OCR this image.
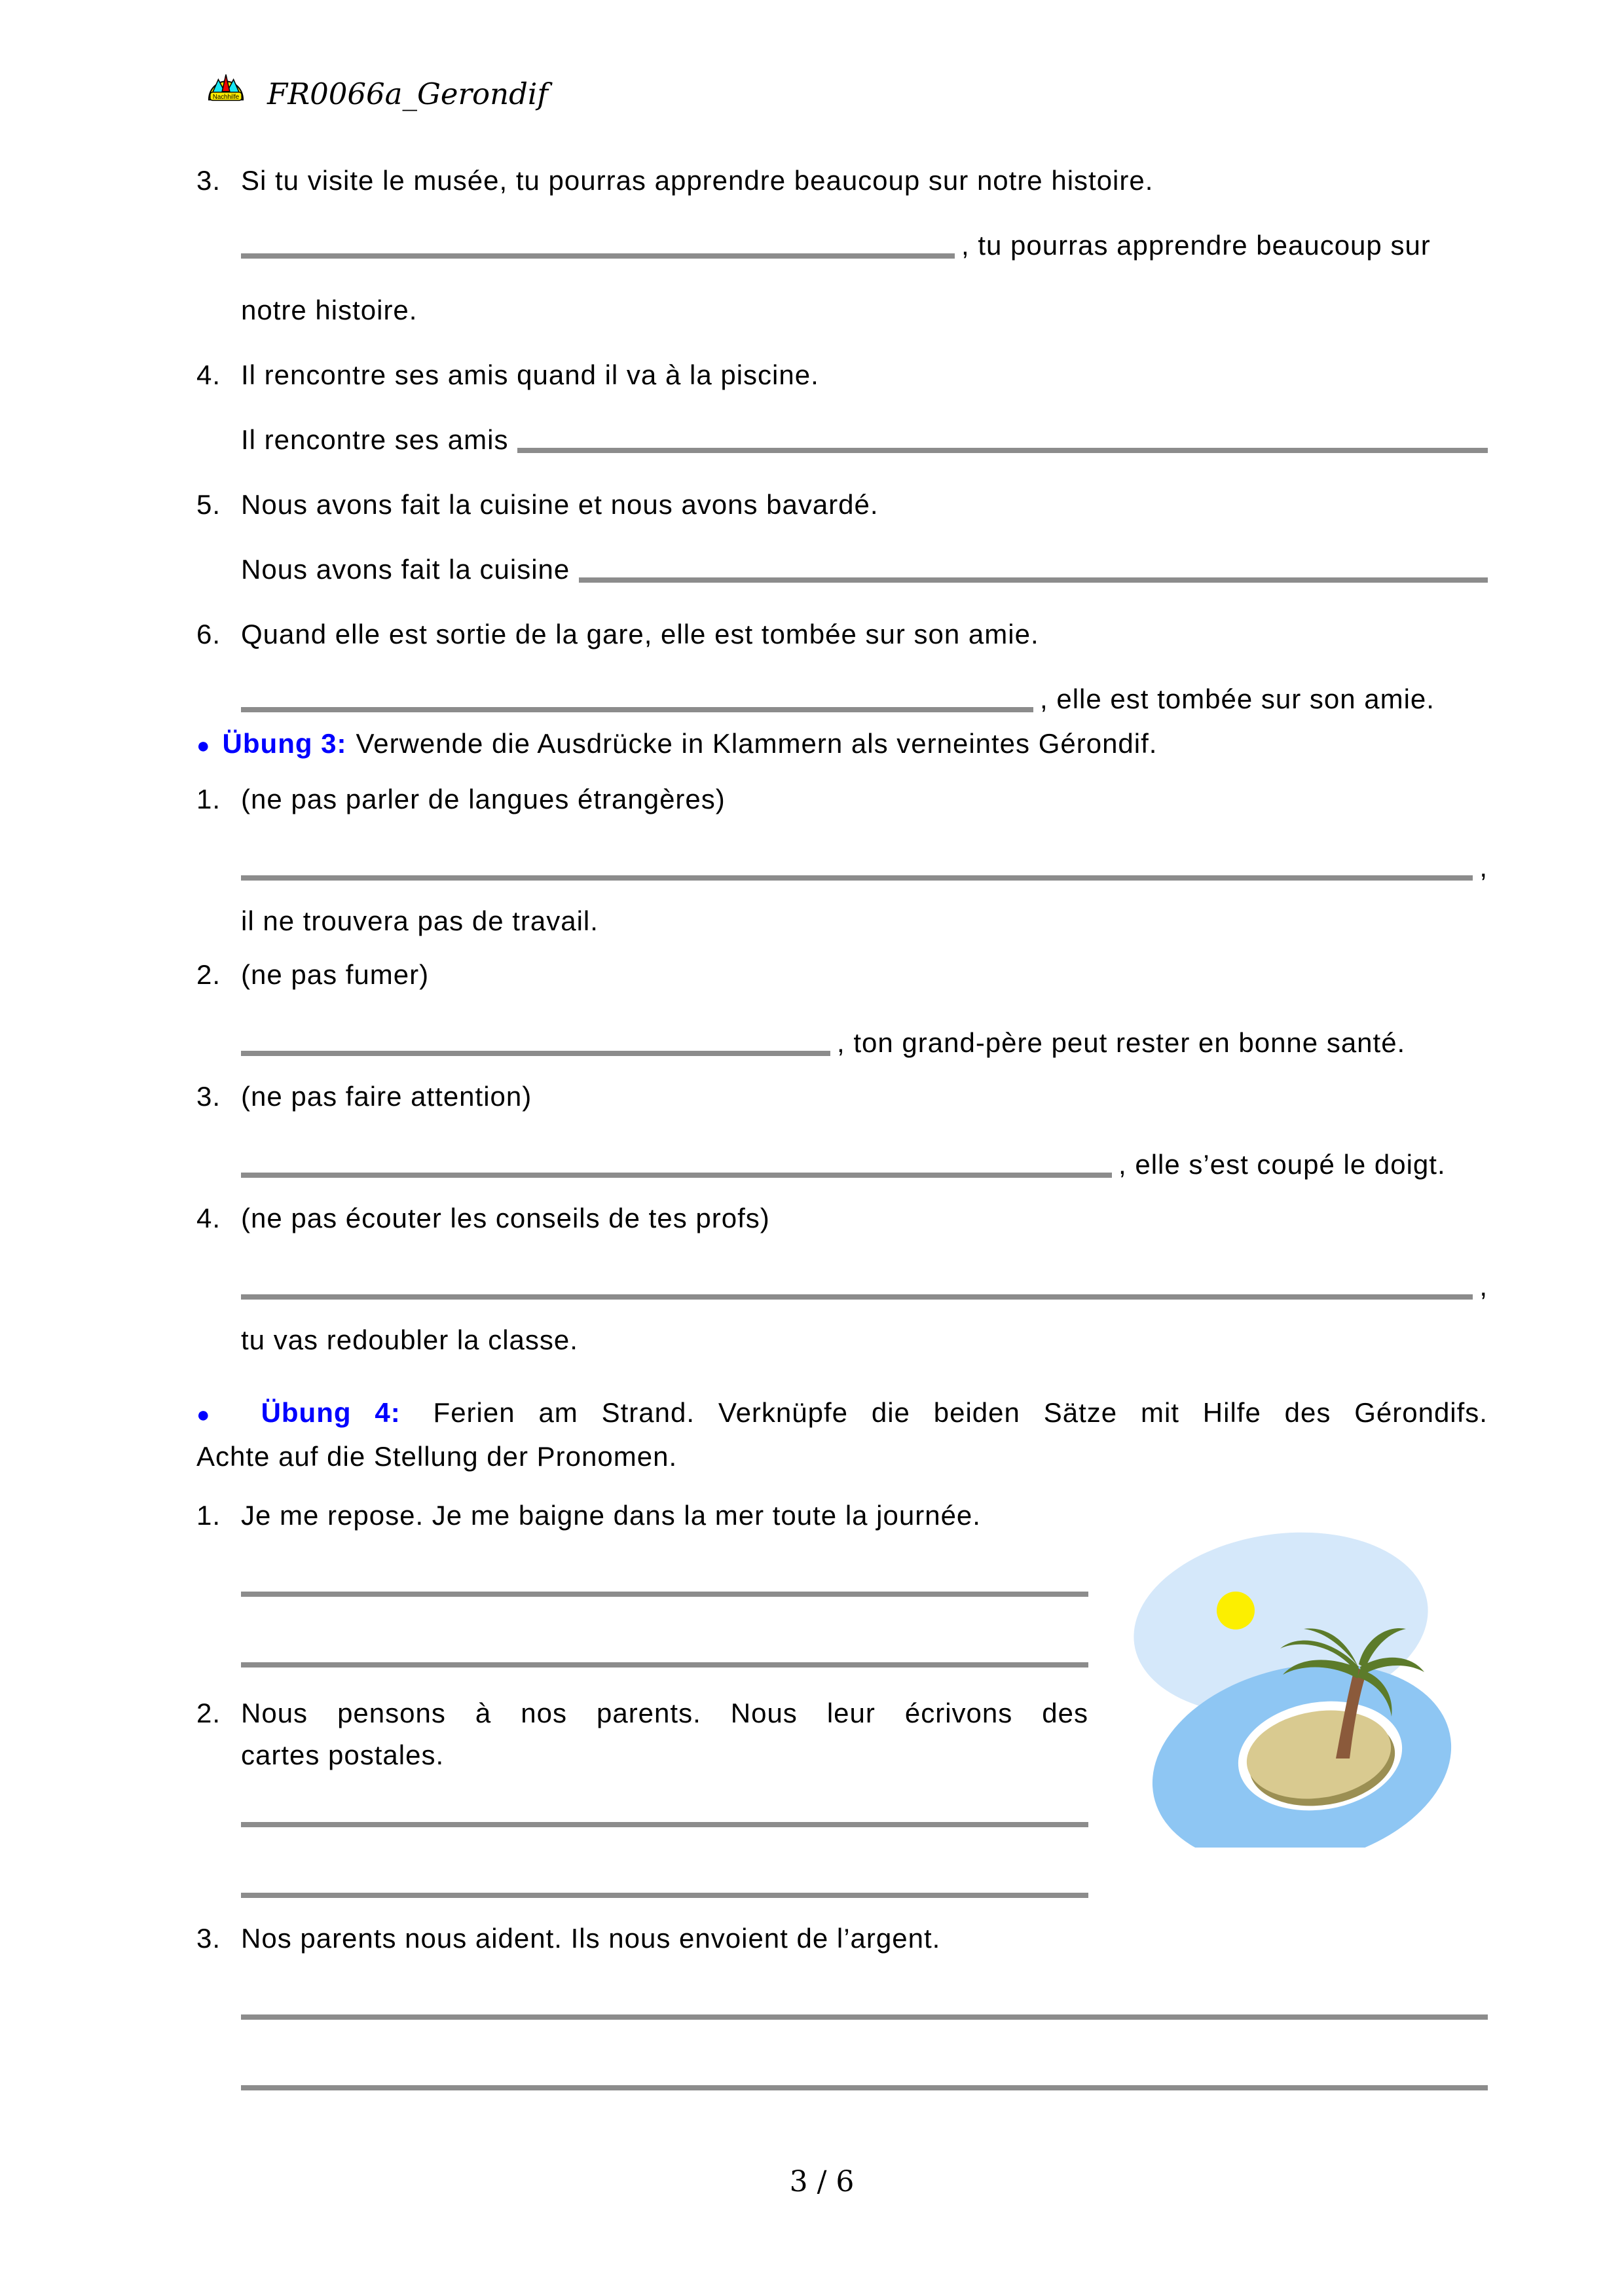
Nachhilfe FR0066a_Gerondif
3. Si tu visite le musée, tu pourras apprendre beaucoup sur notre histoire.
, tu pourras apprendre beaucoup sur
notre histoire.
4. Il rencontre ses amis quand il va à la piscine.
Il rencontre ses amis
5. Nous avons fait la cuisine et nous avons bavardé.
Nous avons fait la cuisine
6. Quand elle est sortie de la gare, elle est tombée sur son amie.
, elle est tombée sur son amie.
● Übung 3: Verwende die Ausdrücke in Klammern als verneintes Gérondif.
1. (ne pas parler de langues étrangères)
,
il ne trouvera pas de travail.
2. (ne pas fumer)
, ton grand-père peut rester en bonne santé.
3. (ne pas faire attention)
, elle s’est coupé le doigt.
4. (ne pas écouter les conseils de tes profs)
,
tu vas redoubler la classe.
● Übung 4: Ferien am Strand. Verknüpfe die beiden Sätze mit Hilfe des Gérondifs.
Achte auf die Stellung der Pronomen.
1. Je me repose. Je me baigne dans la mer toute la journée.
2. Nous pensons à nos parents. Nous leur écrivons des
cartes postales.
3. Nos parents nous aident. Ils nous envoient de l’argent.
3 / 6
